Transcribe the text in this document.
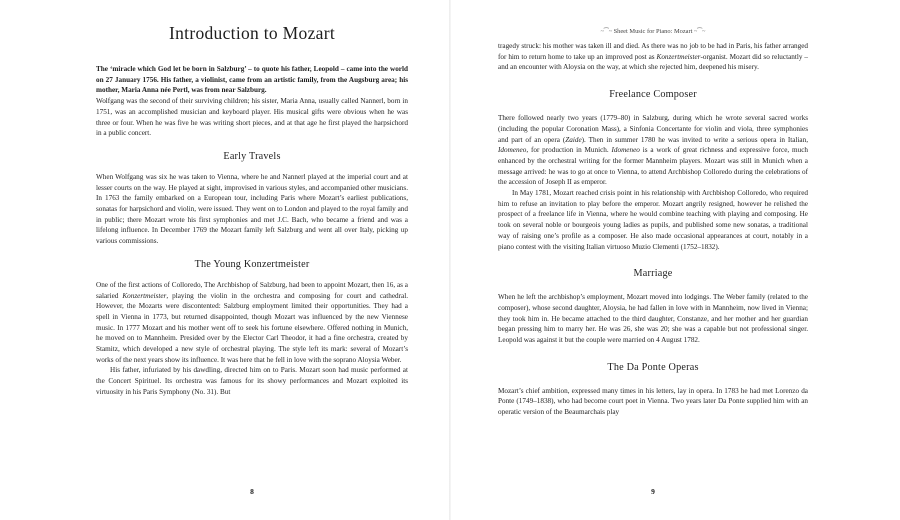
Introduction to Mozart

The ‘miracle which God let be born in Salzburg’ – to quote his father, Leopold – came into the world on 27 January 1756. His father, a violinist, came from an artistic family, from the Augsburg area; his mother, Maria Anna née Pertl, was from near Salzburg.

Wolfgang was the second of their surviving children; his sister, Maria Anna, usually called Nannerl, born in 1751, was an accomplished musician and keyboard player. His musical gifts were obvious when he was three or four. When he was five he was writing short pieces, and at that age he first played the harpsichord in a public concert.

Early Travels

When Wolfgang was six he was taken to Vienna, where he and Nannerl played at the imperial court and at lesser courts on the way. He played at sight, improvised in various styles, and accompanied other musicians. In 1763 the family embarked on a European tour, including Paris where Mozart’s earliest publications, sonatas for harpsichord and violin, were issued. They went on to London and played to the royal family and in public; there Mozart wrote his first symphonies and met J.C. Bach, who became a friend and was a lifelong influence. In December 1769 the Mozart family left Salzburg and went all over Italy, picking up various commissions.

The Young Konzertmeister

One of the first actions of Colloredo, The Archbishop of Salzburg, had been to appoint Mozart, then 16, as a salaried Konzertmeister, playing the violin in the orchestra and composing for court and cathedral. However, the Mozarts were discontented: Salzburg employment limited their opportunities. They had a spell in Vienna in 1773, but returned disappointed, though Mozart was influenced by the new Viennese music. In 1777 Mozart and his mother went off to seek his fortune elsewhere. Offered nothing in Munich, he moved on to Mannheim. Presided over by the Elector Carl Theodor, it had a fine orchestra, created by Stamitz, which developed a new style of orchestral playing. The style left its mark: several of Mozart’s works of the next years show its influence. It was here that he fell in love with the soprano Aloysia Weber.

His father, infuriated by his dawdling, directed him on to Paris. Mozart soon had music performed at the Concert Spirituel. Its orchestra was famous for its showy performances and Mozart exploited its virtuosity in his Paris Symphony (No. 31). But

8
~⁀~ Sheet Music for Piano: Mozart ~⁀~

tragedy struck: his mother was taken ill and died. As there was no job to be had in Paris, his father arranged for him to return home to take up an improved post as Konzertmeister-organist. Mozart did so reluctantly – and an encounter with Aloysia on the way, at which she rejected him, deepened his misery.

Freelance Composer

There followed nearly two years (1779–80) in Salzburg, during which he wrote several sacred works (including the popular Coronation Mass), a Sinfonia Concertante for violin and viola, three symphonies and part of an opera (Zaide). Then in summer 1780 he was invited to write a serious opera in Italian, Idomeneo, for production in Munich. Idomeneo is a work of great richness and expressive force, much enhanced by the orchestral writing for the former Mannheim players. Mozart was still in Munich when a message arrived: he was to go at once to Vienna, to attend Archbishop Colloredo during the celebrations of the accession of Joseph II as emperor.

In May 1781, Mozart reached crisis point in his relationship with Archbishop Colloredo, who required him to refuse an invitation to play before the emperor. Mozart angrily resigned, however he relished the prospect of a freelance life in Vienna, where he would combine teaching with playing and composing. He took on several noble or bourgeois young ladies as pupils, and published some new sonatas, a traditional way of raising one’s profile as a composer. He also made occasional appearances at court, notably in a piano contest with the visiting Italian virtuoso Muzio Clementi (1752–1832).

Marriage

When he left the archbishop’s employment, Mozart moved into lodgings. The Weber family (related to the composer), whose second daughter, Aloysia, he had fallen in love with in Mannheim, now lived in Vienna; they took him in. He became attached to the third daughter, Constanze, and her mother and her guardian began pressing him to marry her. He was 26, she was 20; she was a capable but not professional singer. Leopold was against it but the couple were married on 4 August 1782.

The Da Ponte Operas

Mozart’s chief ambition, expressed many times in his letters, lay in opera. In 1783 he had met Lorenzo da Ponte (1749–1838), who had become court poet in Vienna. Two years later Da Ponte supplied him with an operatic version of the Beaumarchais play

9
